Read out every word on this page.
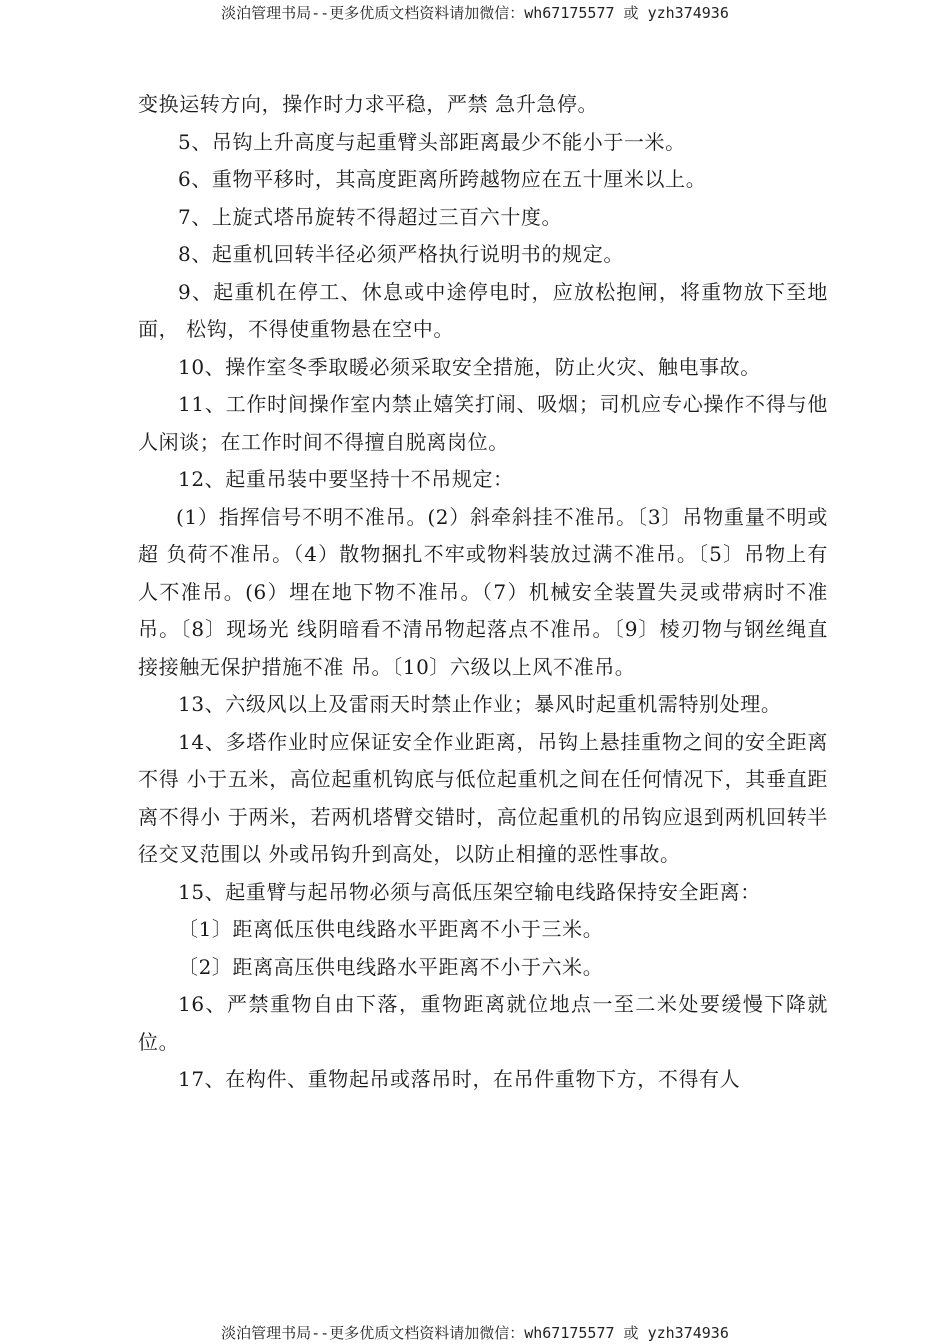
淡泊管理书局--更多优质文档资料请加微信：wh67175577 或 yzh374936

变换运转方向，操作时力求平稳，严禁 急升急停。

5、吊钩上升高度与起重臂头部距离最少不能小于一米。

6、重物平移时，其高度距离所跨越物应在五十厘米以上。

7、上旋式塔吊旋转不得超过三百六十度。

8、起重机回转半径必须严格执行说明书的规定。

9、起重机在停工、休息或中途停电时，应放松抱闸，将重物放下至地面， 松钩，不得使重物悬在空中。

10、操作室冬季取暖必须采取安全措施，防止火灾、触电事故。

11、工作时间操作室内禁止嬉笑打闹、吸烟；司机应专心操作不得与他人闲谈；在工作时间不得擅自脱离岗位。

12、起重吊装中要坚持十不吊规定：

(1）指挥信号不明不准吊。(2）斜牵斜挂不准吊。〔3〕吊物重量不明或超 负荷不准吊。（4）散物捆扎不牢或物料装放过满不准吊。〔5〕吊物上有人不准吊。(6）埋在地下物不准吊。（7）机械安全装置失灵或带病时不准吊。〔8〕现场光 线阴暗看不清吊物起落点不准吊。〔9〕棱刃物与钢丝绳直接接触无保护措施不准 吊。〔10〕六级以上风不准吊。

13、六级风以上及雷雨天时禁止作业；暴风时起重机需特别处理。

14、多塔作业时应保证安全作业距离，吊钩上悬挂重物之间的安全距离不得 小于五米，高位起重机钩底与低位起重机之间在任何情况下，其垂直距离不得小 于两米，若两机塔臂交错时，高位起重机的吊钩应退到两机回转半径交叉范围以 外或吊钩升到高处，以防止相撞的恶性事故。

15、起重臂与起吊物必须与高低压架空输电线路保持安全距离：

〔1〕距离低压供电线路水平距离不小于三米。

〔2〕距离高压供电线路水平距离不小于六米。

16、严禁重物自由下落，重物距离就位地点一至二米处要缓慢下降就位。

17、在构件、重物起吊或落吊时，在吊件重物下方，不得有人

淡泊管理书局--更多优质文档资料请加微信：wh67175577 或 yzh374936
